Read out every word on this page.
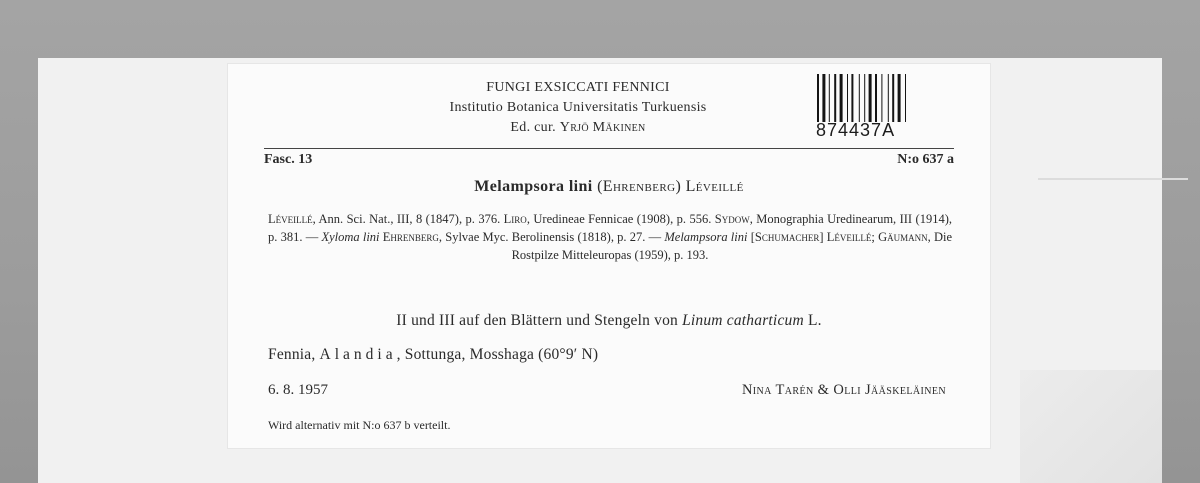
FUNGI EXSICCATI FENNICI
Institutio Botanica Universitatis Turkuensis
Ed. cur. Yrjö Mäkinen	874437A
Fasc. 13	N:o 637 a
Melampsora lini (Ehrenberg) Léveillé
Léveillé, Ann. Sci. Nat., III, 8 (1847), p. 376. Liro, Uredineae Fennicae (1908), p. 556. Sydow, Monographia Uredinearum, III (1914), p. 381. — Xyloma lini Ehrenberg, Sylvae Myc. Berolinensis (1818), p. 27. — Melampsora lini [Schumacher] Léveillé; Gäumann, Die Rostpilze Mitteleuropas (1959), p. 193.
II und III auf den Blättern und Stengeln von Linum catharticum L.
Fennia, Alandia, Sottunga, Mosshaga (60°9′ N)
6. 8. 1957	Nina Tarén & Olli Jääskeläinen
Wird alternativ mit N:o 637 b verteilt.
